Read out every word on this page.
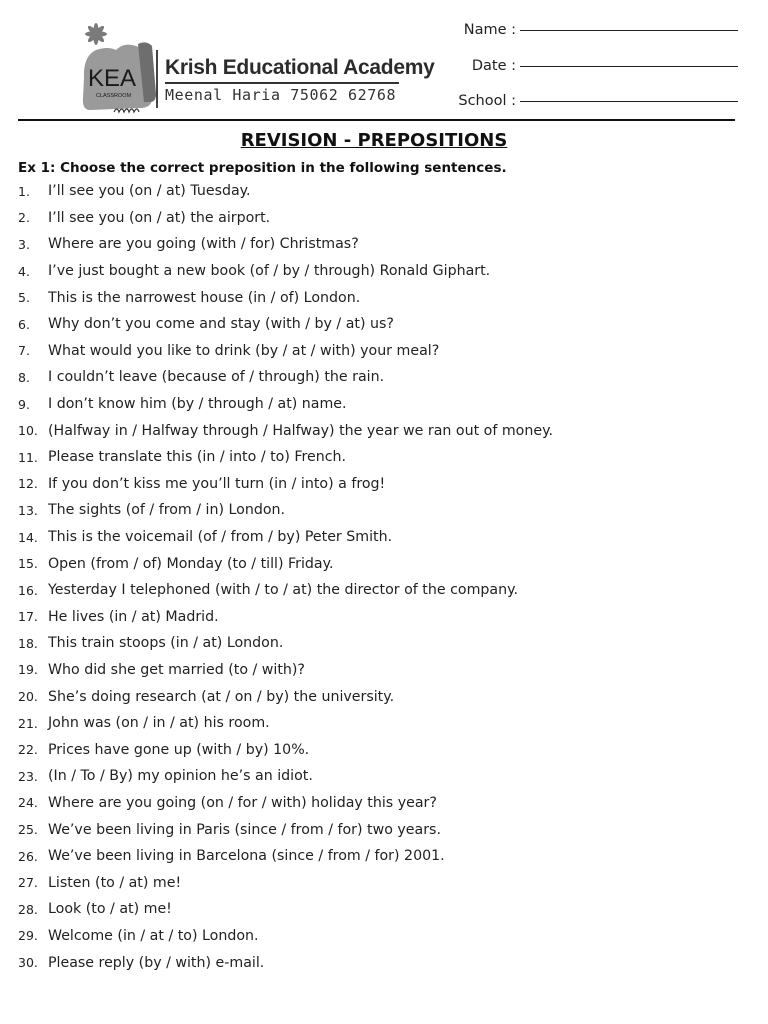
KEA
CLASSROOM
Krish Educational Academy
Meenal Haria 75062 62768
Name :
Date :
School :
REVISION - PREPOSITIONS
Ex 1: Choose the correct preposition in the following sentences.
1.	I’ll see you (on / at) Tuesday.
2.	I’ll see you (on / at) the airport.
3.	Where are you going (with / for) Christmas?
4.	I’ve just bought a new book (of / by / through) Ronald Giphart.
5.	This is the narrowest house (in / of) London.
6.	Why don’t you come and stay (with / by / at) us?
7.	What would you like to drink (by / at / with) your meal?
8.	I couldn’t leave (because of / through) the rain.
9.	I don’t know him (by / through / at) name.
10. (Halfway in / Halfway through / Halfway) the year we ran out of money.
11. Please translate this (in / into / to) French.
12. If you don’t kiss me you’ll turn (in / into) a frog!
13. The sights (of / from / in) London.
14. This is the voicemail (of / from / by) Peter Smith.
15. Open (from / of) Monday (to / till) Friday.
16. Yesterday I telephoned (with / to / at) the director of the company.
17. He lives (in / at) Madrid.
18. This train stoops (in / at) London.
19. Who did she get married (to / with)?
20. She’s doing research (at / on / by) the university.
21. John was (on / in / at) his room.
22. Prices have gone up (with / by) 10%.
23. (In / To / By) my opinion he’s an idiot.
24. Where are you going (on / for / with) holiday this year?
25. We’ve been living in Paris (since / from / for) two years.
26. We’ve been living in Barcelona (since / from / for) 2001.
27. Listen (to / at) me!
28. Look (to / at) me!
29. Welcome (in / at / to) London.
30. Please reply (by / with) e-mail.
